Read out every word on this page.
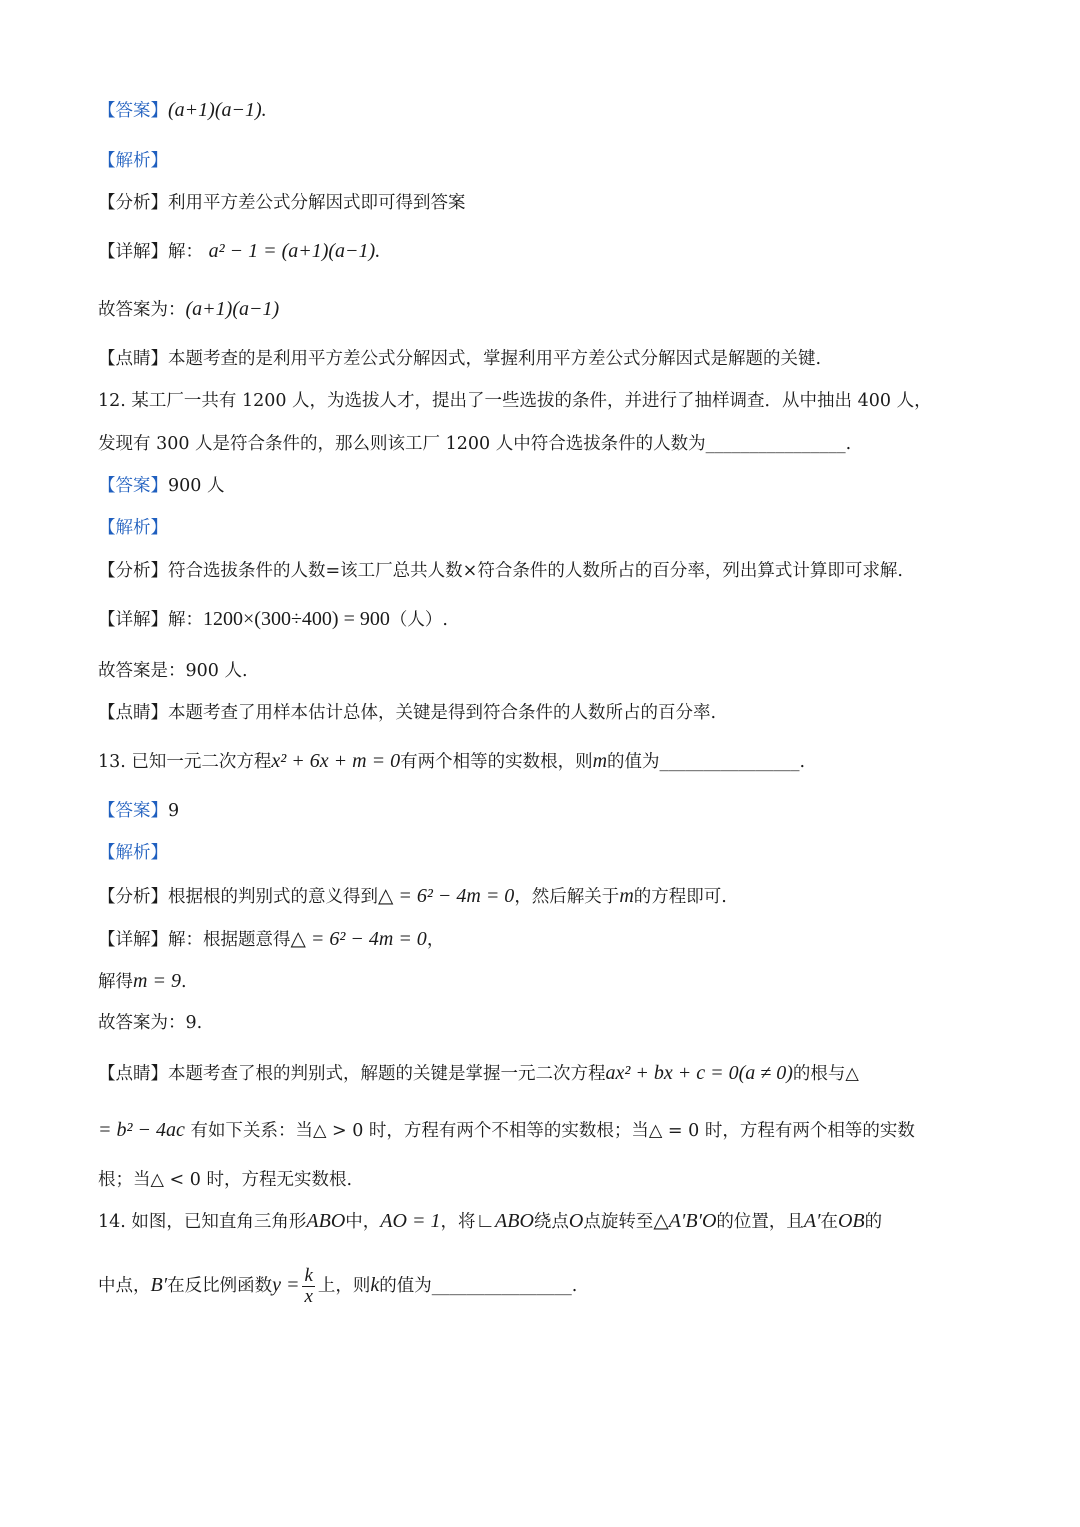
【答案】(a+1)(a−1).
【解析】
【分析】利用平方差公式分解因式即可得到答案
【详解】解： a² − 1 = (a+1)(a−1).
故答案为：(a+1)(a−1)
【点睛】本题考查的是利用平方差公式分解因式，掌握利用平方差公式分解因式是解题的关键.
12. 某工厂一共有 1200 人，为选拔人才，提出了一些选拔的条件，并进行了抽样调查．从中抽出 400 人，
发现有 300 人是符合条件的，那么则该工厂 1200 人中符合选拔条件的人数为________________.
【答案】900 人
【解析】
【分析】符合选拔条件的人数=该工厂总共人数×符合条件的人数所占的百分率，列出算式计算即可求解.
【详解】解：1200×(300÷400) = 900（人）.
故答案是：900 人.
【点睛】本题考查了用样本估计总体，关键是得到符合条件的人数所占的百分率.
13. 已知一元二次方程x² + 6x + m = 0有两个相等的实数根，则m的值为________________.
【答案】9
【解析】
【分析】根据根的判别式的意义得到△ = 6² − 4m = 0，然后解关于m的方程即可.
【详解】解：根据题意得△ = 6² − 4m = 0，
解得m = 9.
故答案为：9.
【点睛】本题考查了根的判别式，解题的关键是掌握一元二次方程ax² + bx + c = 0(a ≠ 0)的根与△
= b² − 4ac 有如下关系：当△ > 0 时，方程有两个不相等的实数根；当△ = 0 时，方程有两个相等的实数
根；当△ < 0 时，方程无实数根.
14. 如图，已知直角三角形ABO中，AO = 1，将∟ABO绕点O点旋转至△A′B′O的位置，且A′在OB的
中点，B′在反比例函数$y = \frac{k}{x}$ 上，则k的值为________________.
